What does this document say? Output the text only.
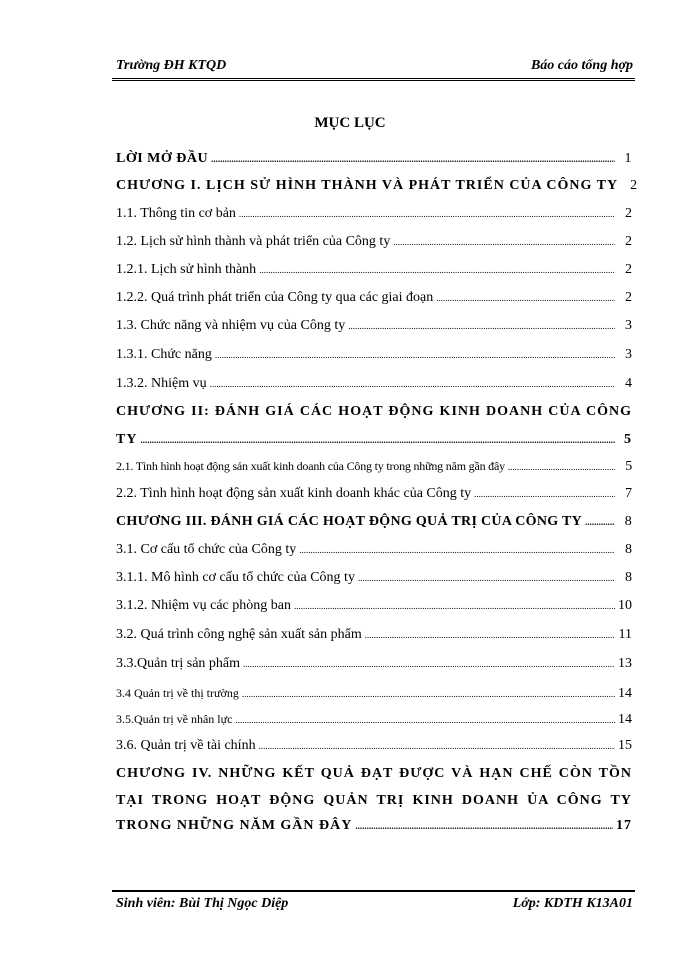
Trường ĐH KTQD	Báo cáo tổng hợp
MỤC LỤC
LỜI MỞ ĐẦU .....	1
CHƯƠNG I. LỊCH SỬ HÌNH THÀNH VÀ PHÁT TRIỂN CỦA CÔNG TY 2
1.1. Thông tin cơ bản .....	2
1.2. Lịch sử hình thành và phát triển của Công ty .....	2
1.2.1. Lịch sử hình thành .....	2
1.2.2. Quá trình phát triển của Công ty qua các giai đoạn .....	2
1.3. Chức năng và nhiệm vụ của Công ty .....	3
1.3.1. Chức năng .....	3
1.3.2. Nhiệm vụ .....	4
CHƯƠNG II: ĐÁNH GIÁ CÁC HOẠT ĐỘNG KINH DOANH CỦA CÔNG
TY .....	5
2.1. Tình hình hoạt động sản xuất kinh doanh của Công ty trong những năm gần đây .....	5
2.2. Tình hình hoạt động sản xuất kinh doanh khác của Công ty .....	7
CHƯƠNG III. ĐÁNH GIÁ CÁC HOẠT ĐỘNG QUẢ TRỊ CỦA CÔNG TY .....	8
3.1. Cơ cấu tổ chức của Công ty .....	8
3.1.1. Mô hình cơ cấu tổ chức của Công ty .....	8
3.1.2. Nhiệm vụ các phòng ban .....	10
3.2. Quá trình công nghệ sản xuất sản phẩm .....	11
3.3.Quản trị sản phẩm .....	13
3.4 Quản trị về thị trường .....	14
3.5.Quản trị về nhân lực .....	14
3.6. Quản trị về tài chính .....	15
CHƯƠNG IV. NHỮNG KẾT QUẢ ĐẠT ĐƯỢC VÀ HẠN CHẾ CÒN TỒN
TẠI TRONG HOẠT ĐỘNG QUẢN TRỊ KINH DOANH ỦA CÔNG TY
TRONG NHỮNG NĂM GẦN ĐÂY .....	17
Sinh viên: Bùi Thị Ngọc Diệp	Lớp: KDTH K13A01
